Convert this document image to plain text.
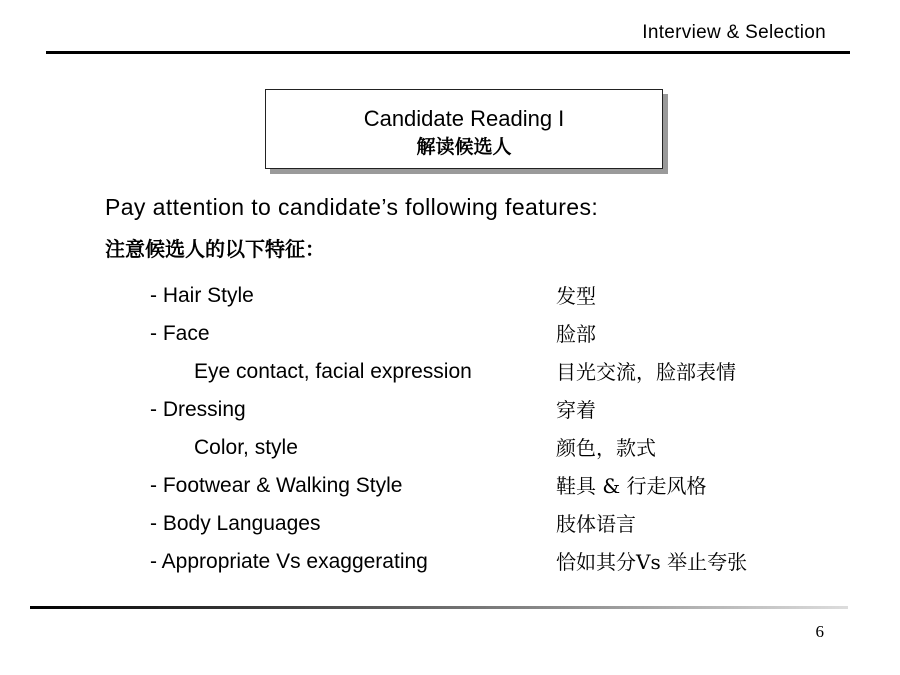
Interview & Selection
Candidate Reading I
解读候选人
Pay attention to candidate’s following features:
注意候选人的以下特征：
- Hair Style	发型
- Face	脸部
Eye contact, facial expression	目光交流，脸部表情
- Dressing	穿着
Color, style	颜色，款式
- Footwear & Walking Style	鞋具 & 行走风格
- Body Languages	肢体语言
- Appropriate Vs exaggerating	恰如其分Vs 举止夸张
6
